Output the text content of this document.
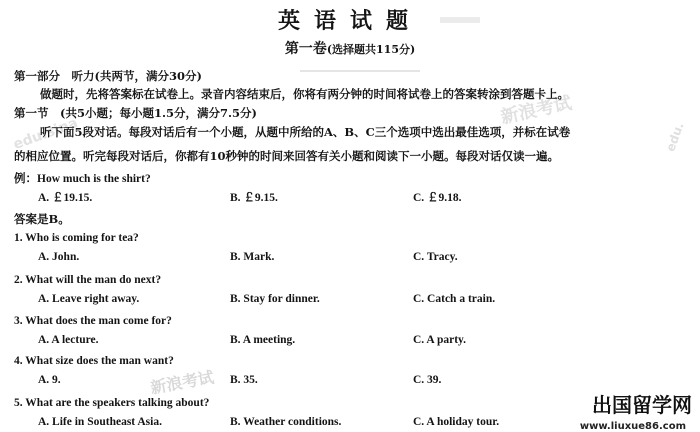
英语试题
第一卷(选择题共115分)
新浪考试
edu.
新浪考试
edu.sina
第一部分　听力(共两节，满分30分)
做题时，先将答案标在试卷上。录音内容结束后，你将有两分钟的时间将试卷上的答案转涂到答题卡上。
第一节　(共5小题；每小题1.5分，满分7.5分)
听下面5段对话。每段对话后有一个小题，从题中所给的A、B、C三个选项中选出最佳选项，并标在试卷
的相应位置。听完每段对话后，你都有10秒钟的时间来回答有关小题和阅读下一小题。每段对话仅读一遍。
例：How much is the shirt?
A. ￡19.15.	B. ￡9.15.	C. ￡9.18.
答案是B。
1. Who is coming for tea?
A. John.	B. Mark.	C. Tracy.
2. What will the man do next?
A. Leave right away.	B. Stay for dinner.	C. Catch a train.
3. What does the man come for?
A. A lecture.	B. A meeting.	C. A party.
4. What size does the man want?
A. 9.	B. 35.	C. 39.
5. What are the speakers talking about?
A. Life in Southeast Asia.	B. Weather conditions.	C. A holiday tour.
出国留学网
www.liuxue86.com
